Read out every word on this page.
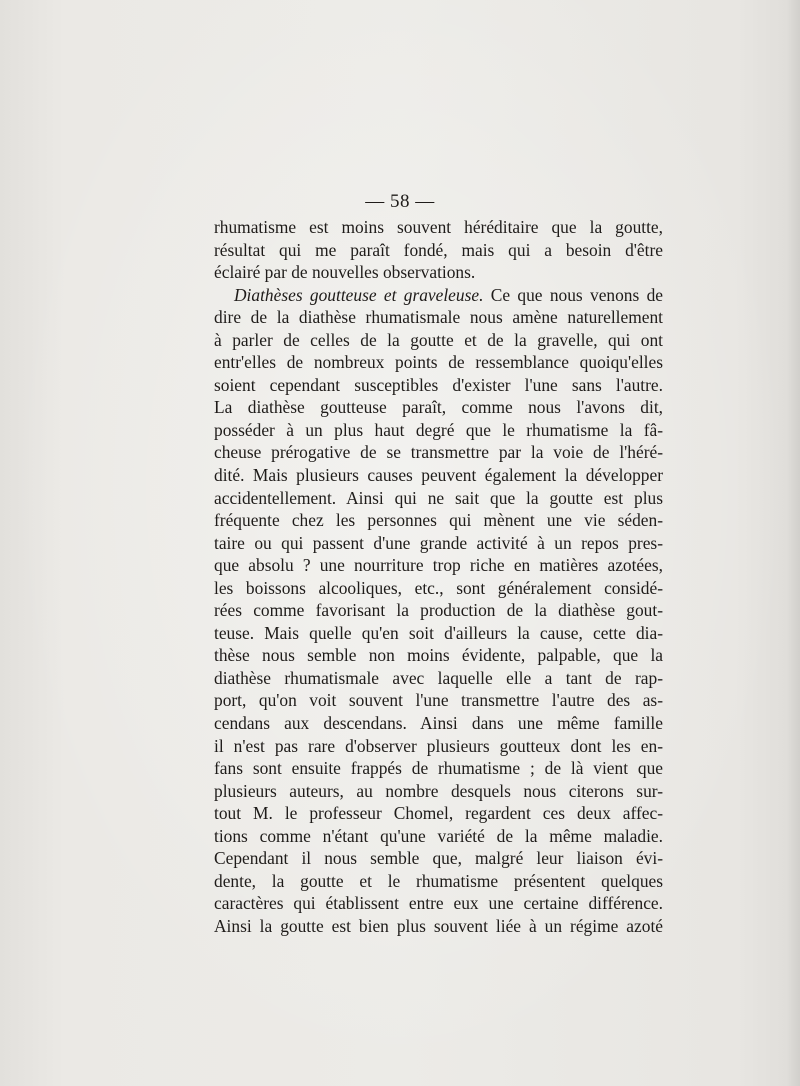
— 58 —
rhumatisme est moins souvent héréditaire que la goutte,
résultat qui me paraît fondé, mais qui a besoin d'être
éclairé par de nouvelles observations.
Diathèses goutteuse et graveleuse. Ce que nous venons de
dire de la diathèse rhumatismale nous amène naturellement
à parler de celles de la goutte et de la gravelle, qui ont
entr'elles de nombreux points de ressemblance quoiqu'elles
soient cependant susceptibles d'exister l'une sans l'autre.
La diathèse goutteuse paraît, comme nous l'avons dit,
posséder à un plus haut degré que le rhumatisme la fâ-
cheuse prérogative de se transmettre par la voie de l'héré-
dité. Mais plusieurs causes peuvent également la développer
accidentellement. Ainsi qui ne sait que la goutte est plus
fréquente chez les personnes qui mènent une vie séden-
taire ou qui passent d'une grande activité à un repos pres-
que absolu ? une nourriture trop riche en matières azotées,
les boissons alcooliques, etc., sont généralement considé-
rées comme favorisant la production de la diathèse gout-
teuse. Mais quelle qu'en soit d'ailleurs la cause, cette dia-
thèse nous semble non moins évidente, palpable, que la
diathèse rhumatismale avec laquelle elle a tant de rap-
port, qu'on voit souvent l'une transmettre l'autre des as-
cendans aux descendans. Ainsi dans une même famille
il n'est pas rare d'observer plusieurs goutteux dont les en-
fans sont ensuite frappés de rhumatisme ; de là vient que
plusieurs auteurs, au nombre desquels nous citerons sur-
tout M. le professeur Chomel, regardent ces deux affec-
tions comme n'étant qu'une variété de la même maladie.
Cependant il nous semble que, malgré leur liaison évi-
dente, la goutte et le rhumatisme présentent quelques
caractères qui établissent entre eux une certaine différence.
Ainsi la goutte est bien plus souvent liée à un régime azoté
